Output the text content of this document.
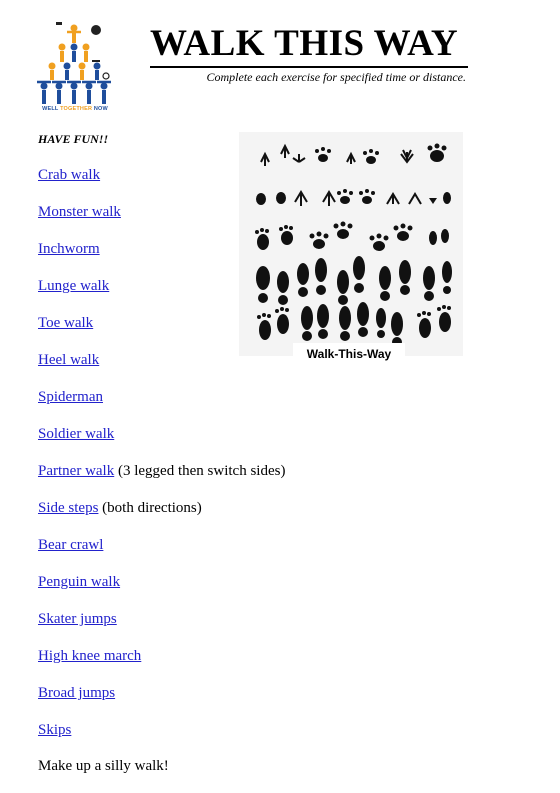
WELL TOGETHER NOW
WALK THIS WAY
Complete each exercise for specified time or distance.
HAVE FUN!!
Crab walk
Monster walk
Inchworm
Lunge walk
Toe walk
Heel walk
Spiderman
Soldier walk
Partner walk (3 legged then switch sides)
Side steps (both directions)
Bear crawl
Penguin walk
Skater jumps
High knee march
Broad jumps
Skips
Make up a silly walk!
Walk-This-Way
